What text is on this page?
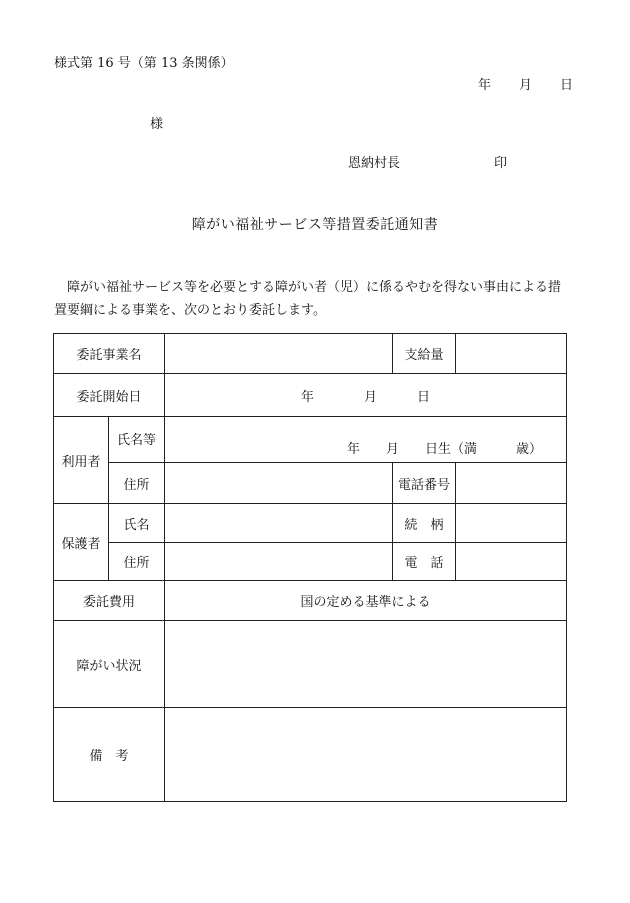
様式第 16 号（第 13 条関係）
年 月 日
様
恩納村長	印
障がい福祉サービス等措置委託通知書
障がい福祉サービス等を必要とする障がい者（児）に係るやむを得ない事由による措置要綱による事業を、次のとおり委託します。
委託事業名			支給量	
委託開始日		年 月 日		
利用者	氏名等	年　　月　　日生（満　　　歳）		
	住所		電話番号	
保護者	氏名		続　柄	
	住所		電　話	
委託費用		国の定める基準による		
障がい状況				
備　考				
